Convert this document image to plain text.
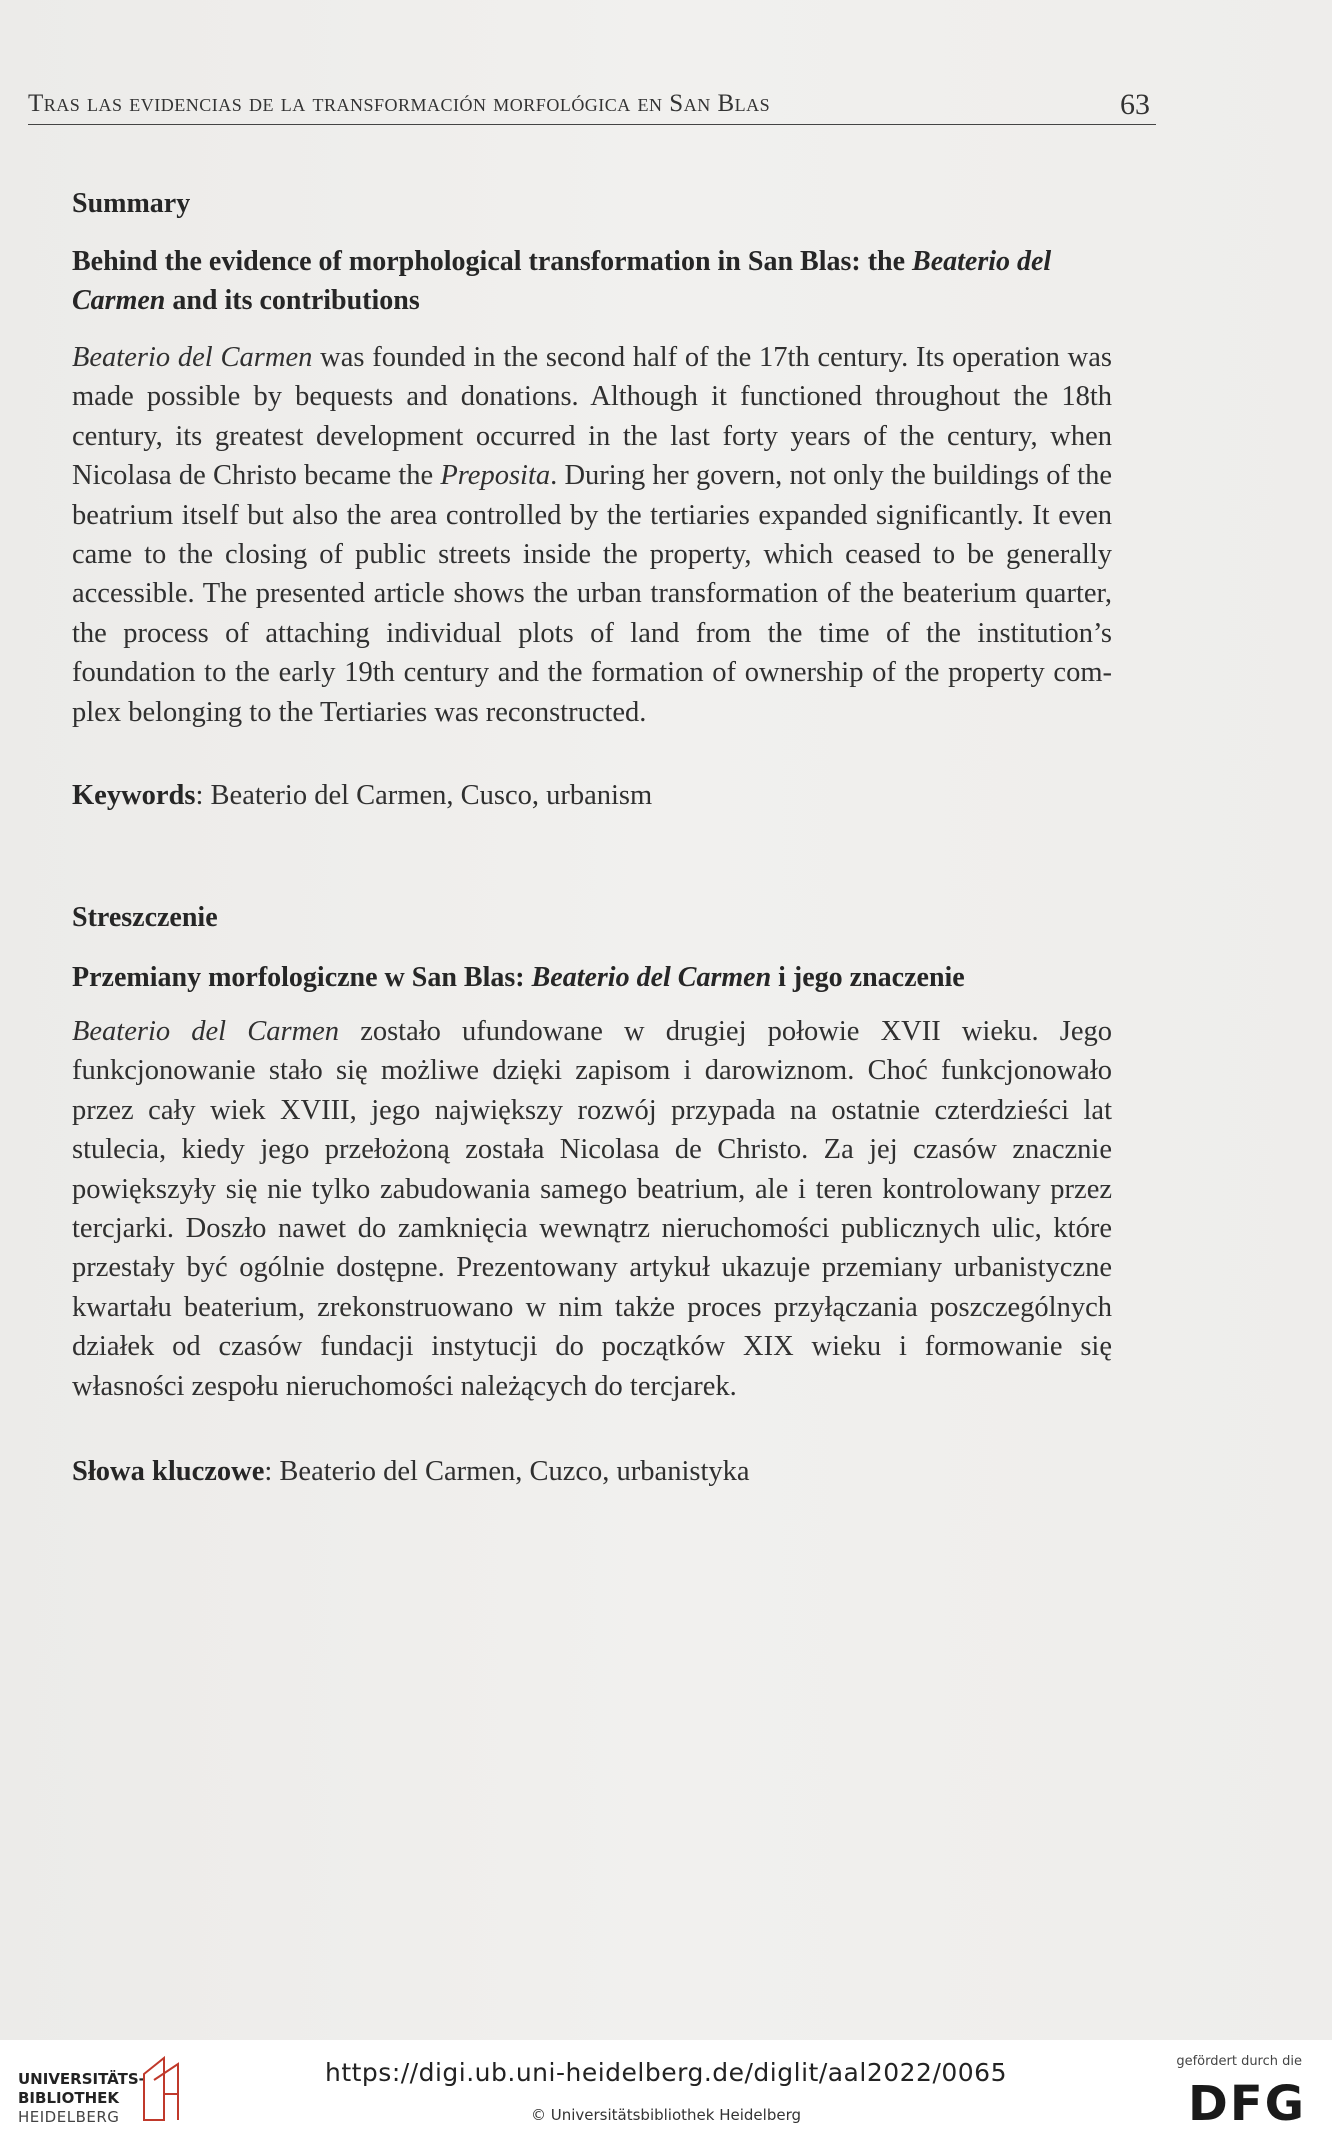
Tras las evidencias de la transformación morfológica en San Blas	63
Summary
Behind the evidence of morphological transformation in San Blas: the Beaterio del Carmen and its contributions
Beaterio del Carmen was founded in the second half of the 17th century. Its operation was made possible by bequests and donations. Although it functioned throughout the 18th century, its greatest development occurred in the last forty years of the century, when Nicolasa de Christo became the Preposita. During her govern, not only the buildings of the beatrium itself but also the area controlled by the tertiaries expanded significantly. It even came to the closing of public streets inside the property, which ceased to be generally accessible. The presented article shows the urban transformation of the beaterium quarter, the process of attaching individual plots of land from the time of the institution’s foundation to the early 19th century and the formation of ownership of the property complex belonging to the Tertiaries was reconstructed.
Keywords: Beaterio del Carmen, Cusco, urbanism
Streszczenie
Przemiany morfologiczne w San Blas: Beaterio del Carmen i jego znaczenie
Beaterio del Carmen zostało ufundowane w drugiej połowie XVII wieku. Jego funkcjonowanie stało się możliwe dzięki zapisom i darowiznom. Choć funkcjonowało przez cały wiek XVIII, jego największy rozwój przypada na ostatnie czterdzieści lat stulecia, kiedy jego przełożoną została Nicolasa de Christo. Za jej czasów znacznie powiększyły się nie tylko zabudowania samego beatrium, ale i teren kontrolowany przez tercjarki. Doszło nawet do zamknięcia wewnątrz nieruchomości publicznych ulic, które przestały być ogólnie dostępne. Prezentowany artykuł ukazuje przemiany urbanistyczne kwartału beaterium, zrekonstruowano w nim także proces przyłączania poszczególnych działek od czasów fundacji instytucji do początków XIX wieku i formowanie się własności zespołu nieruchomości należących do tercjarek.
Słowa kluczowe: Beaterio del Carmen, Cuzco, urbanistyka
UNIVERSITÄTS-
BIBLIOTHEK
HEIDELBERG
https://digi.ub.uni-heidelberg.de/diglit/aal2022/0065
© Universitätsbibliothek Heidelberg
gefördert durch die
DFG
